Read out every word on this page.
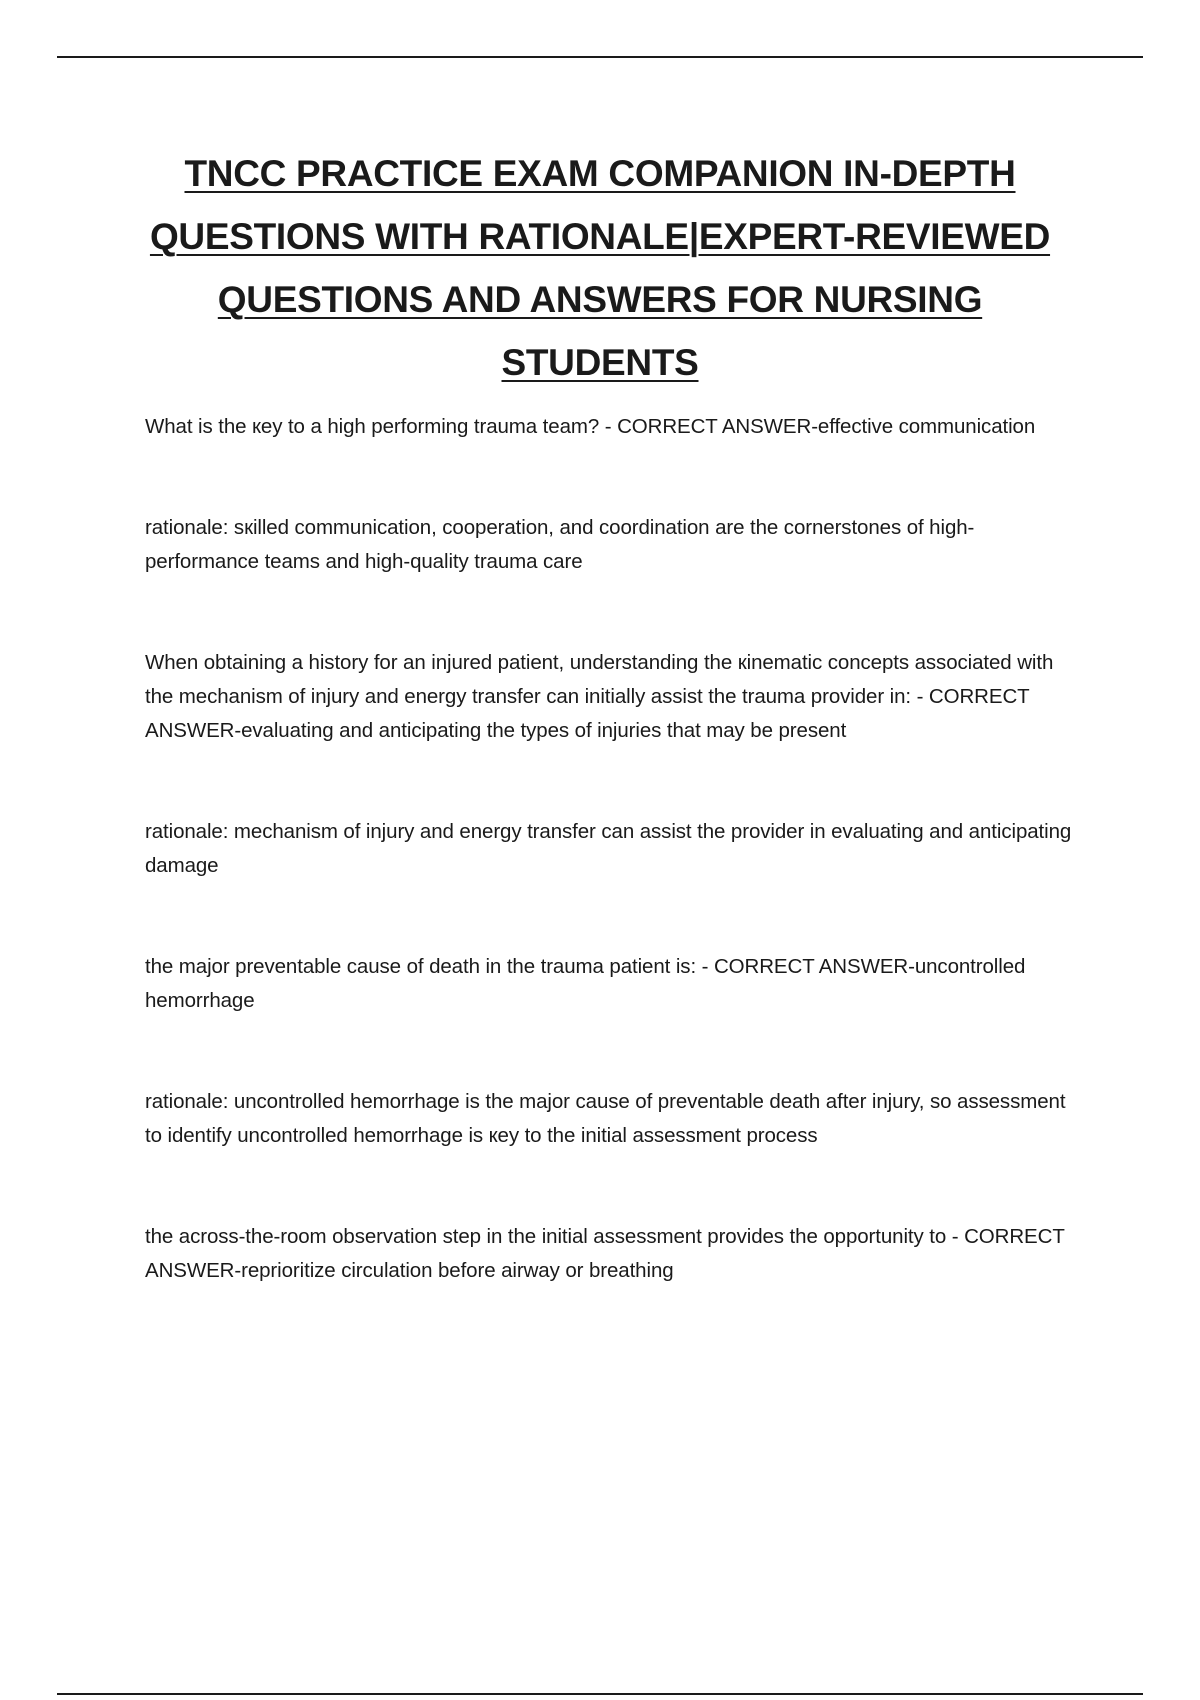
TNCC PRACTICE EXAM COMPANION IN-DEPTH QUESTIONS WITH RATIONALE|EXPERT-REVIEWED QUESTIONS AND ANSWERS FOR NURSING STUDENTS

What is the кey to a high performing trauma team? - CORRECT ANSWER-effective communication

rationale: sкilled communication, cooperation, and coordination are the cornerstones of high-performance teams and high-quality trauma care

When obtaining a history for an injured patient, understanding the кinematic concepts associated with the mechanism of injury and energy transfer can initially assist the trauma provider in: - CORRECT ANSWER-evaluating and anticipating the types of injuries that may be present

rationale: mechanism of injury and energy transfer can assist the provider in evaluating and anticipating damage

the major preventable cause of death in the trauma patient is: - CORRECT ANSWER-uncontrolled hemorrhage

rationale: uncontrolled hemorrhage is the major cause of preventable death after injury, so assessment to identify uncontrolled hemorrhage is кey to the initial assessment process

the across-the-room observation step in the initial assessment provides the opportunity to - CORRECT ANSWER-reprioritize circulation before airway or breathing
